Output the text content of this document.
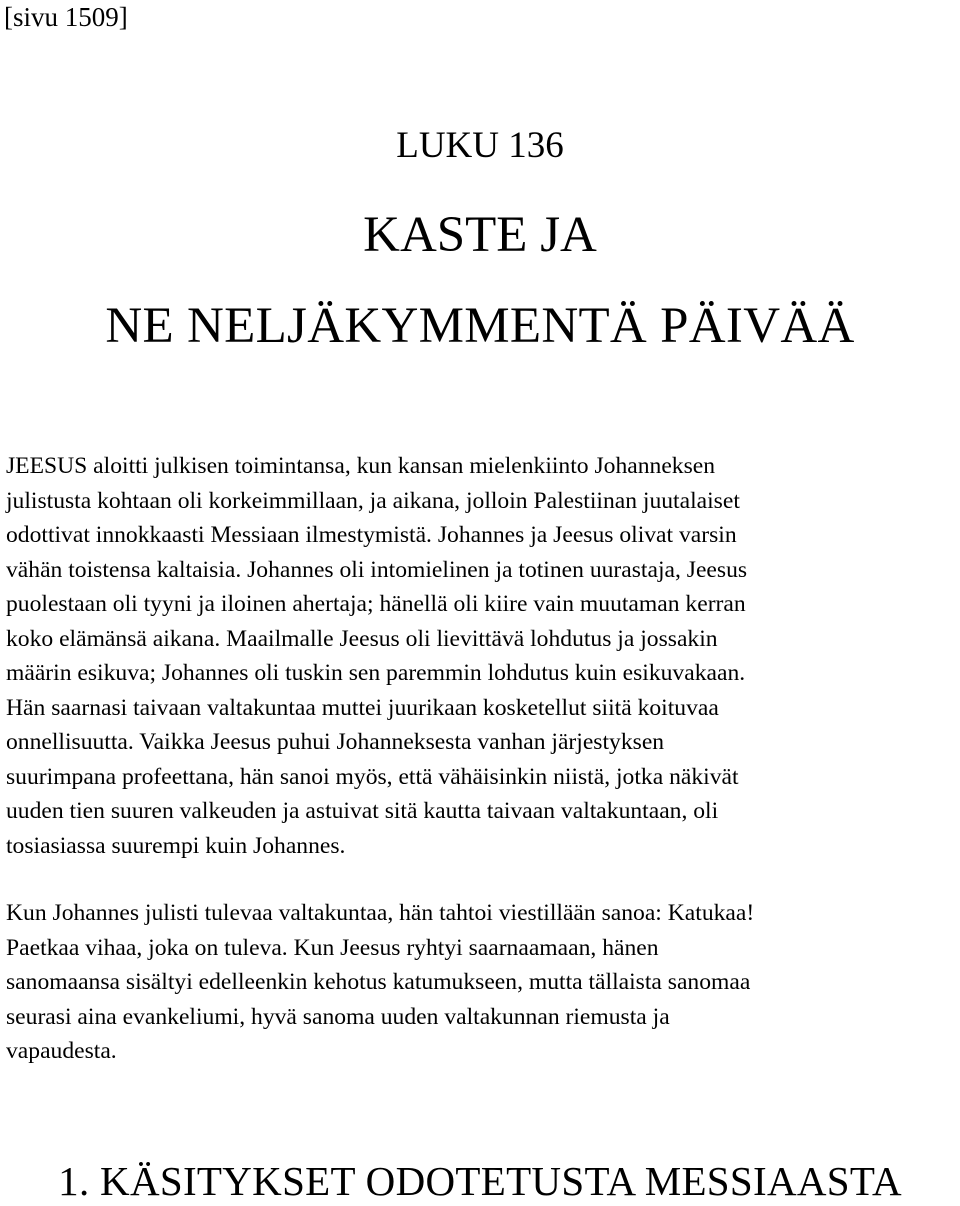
[sivu 1509]
LUKU 136
KASTE JA
NE NELJÄKYMMENTÄ PÄIVÄÄ
JEESUS aloitti julkisen toimintansa, kun kansan mielenkiinto Johanneksen
julistusta kohtaan oli korkeimmillaan, ja aikana, jolloin Palestiinan juutalaiset
odottivat innokkaasti Messiaan ilmestymistä. Johannes ja Jeesus olivat varsin
vähän toistensa kaltaisia. Johannes oli intomielinen ja totinen uurastaja, Jeesus
puolestaan oli tyyni ja iloinen ahertaja; hänellä oli kiire vain muutaman kerran
koko elämänsä aikana. Maailmalle Jeesus oli lievittävä lohdutus ja jossakin
määrin esikuva; Johannes oli tuskin sen paremmin lohdutus kuin esikuvakaan.
Hän saarnasi taivaan valtakuntaa muttei juurikaan kosketellut siitä koituvaa
onnellisuutta. Vaikka Jeesus puhui Johanneksesta vanhan järjestyksen
suurimpana profeettana, hän sanoi myös, että vähäisinkin niistä, jotka näkivät
uuden tien suuren valkeuden ja astuivat sitä kautta taivaan valtakuntaan, oli
tosiasiassa suurempi kuin Johannes.
Kun Johannes julisti tulevaa valtakuntaa, hän tahtoi viestillään sanoa: Katukaa!
Paetkaa vihaa, joka on tuleva. Kun Jeesus ryhtyi saarnaamaan, hänen
sanomaansa sisältyi edelleenkin kehotus katumukseen, mutta tällaista sanomaa
seurasi aina evankeliumi, hyvä sanoma uuden valtakunnan riemusta ja
vapaudesta.
1. KÄSITYKSET ODOTETUSTA MESSIAASTA
